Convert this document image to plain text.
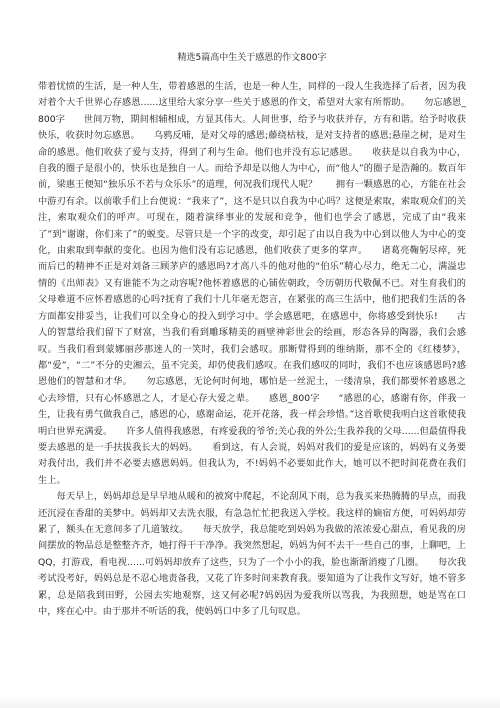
精选5篇高中生关于感恩的作文800字

带着忧愤的生活，是一种人生，带着感恩的生活，也是一种人生，同样的一段人生我选择了后者，因为我对着个大千世界心存感恩......这里给大家分享一些关于感恩的作文，希望对大家有所帮助。　　勿忘感恩_800字　　世间万物，期间相辅相成，方显其伟大。人间世事，给予与收获并存，方有和谐。给予时收获快乐，收获时勿忘感恩。　　乌鸦反哺，是对父母的感恩;藤绕枯枝，是对支持者的感恩;悬崖之树，是对生命的感恩。他们收获了爱与支持，得到了利与生命。他们也并没有忘记感恩。　　收获是以自我为中心，自我的圈子是很小的，快乐也是独自一人。而给予却是以他人为中心，而“他人”的圈子是浩瀚的。数百年前，梁惠王便知“独乐乐不若与众乐乐”的道理，何况我们现代人呢？　　拥有一颗感恩的心，方能在社会中游刃有余。以前歌手们上台便说：“我来了”，这不是只以自我为中心吗？这便是索取，索取观众们的关注，索取观众们的呼声。可现在，随着演绎事业的发展和竞争，他们也学会了感恩，完成了由“我来了”到“谢谢，你们来了”的蜕变。尽管只是一个字的改变，却引起了由以自我为中心到以他人为中心的变化，由索取到奉献的变化。也因为他们没有忘记感恩，他们收获了更多的掌声。　　诸葛亮鞠躬尽瘁，死而后已的精神不正是对刘备三顾茅庐的感恩吗?才高八斗的他对他的“伯乐”精心尽力，绝无二心，满溢忠情的《出师表》又有谁能不为之动容呢?他怀着感恩的心铺佐朝政，令历朝历代敬佩不已。对生育我们的父母难道不应怀着感恩的心吗?抚育了我们十几年毫无怨言，在紧张的高三生活中，他们把我们生活的各方面都安排妥当，让我们可以全身心的投入到学习中。学会感恩吧，在感恩中，你将感受到快乐!　　古人的智慧给我们留下了财富，当我们看到雕琢精美的画壁神彩世会的绘画，形态各异的陶器，我们会感叹。当我们看到蒙娜丽莎那迷人的一笑时，我们会感叹。那断臂得到的维纳斯，那不全的《红楼梦》，都“爱”，“二”不分的史湘云，虽不完美，却仍使我们感叹。在我们感叹的同时，我们不也应该感恩吗?感恩他们的智慧和才华。　　勿忘感恩，无论何时何地，哪怕是一丝泥土，一缕清泉，我们都要怀着感恩之心去珍惜，只有心怀感恩之人，才是心存大爱之辈。　　感恩_800字　　“感恩的心，感谢有你，伴我一生，让我有勇气做我自己，感恩的心，感谢命运，花开花落，我一样会珍惜。”这首歌使我明白这首歌使我明白世界充满爱。　　许多人值得我感恩，有疼爱我的爷爷;关心我的外公;生我养我的父母......但最值得我要去感恩的是一手扶拔我长大的妈妈。　　看到这，有人会说，妈妈对我们的爱是应该的，妈妈有义务要对我付出，我们并不必要去感恩妈妈。但我认为，不!妈妈不必要如此作大，她可以不把时间花费在我们生上。

　　每天早上，妈妈却总是早早地从暖和的被窝中爬起，不论刮风下雨，总为我买来热腾腾的早点，而我还沉浸在香甜的美梦中。妈妈却又去洗衣服，有急急忙忙把我送入学校。我这样的嫡宿方便，可妈妈却劳累了，额头在无意间多了几道皱纹。　　每天放学，我总能吃到妈妈为我做的浓浓爱心甜点，看见我的房间摆放的物品总是整整齐齐，她打得干干净净。我突然想起，妈妈为何不去干一些自己的事，上聊吧，上QQ，打游戏，看电视......可妈妈却放弃了这些，只为了一个小小的我，脸也渐渐消瘦了几圈。　　每次我考试没考好，妈妈总是不忍心地责备我，又花了许多时间来教育我。要知道为了让我作文写好，她不管多累，总是陪我到田野，公园去实地观察，这又何必呢?妈妈因为爱我所以骂我，为我照想，她是骂在口中，疼在心中。由于那并不听话的我，使妈妈口中多了几句叹息。
